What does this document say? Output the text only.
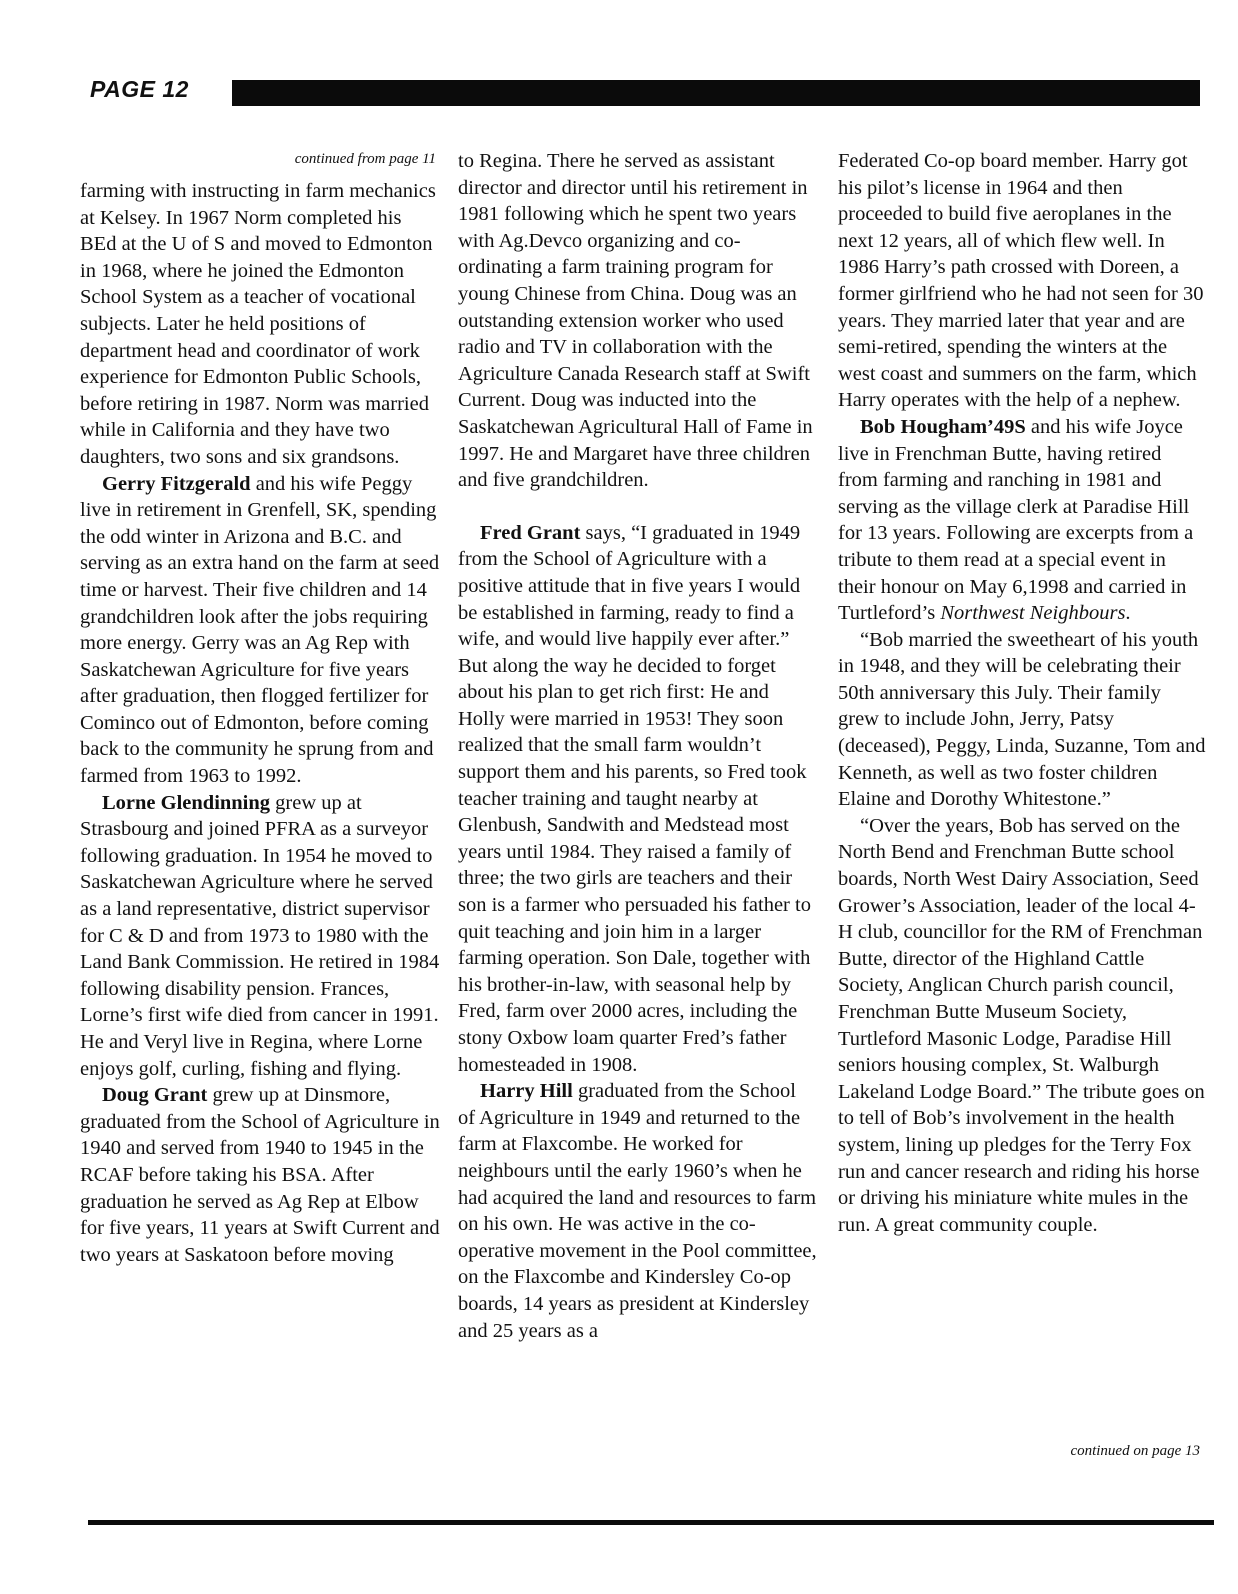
PAGE 12
continued from page 11

farming with instructing in farm mechanics at Kelsey. In 1967 Norm completed his BEd at the U of S and moved to Edmonton in 1968, where he joined the Edmonton School System as a teacher of vocational subjects. Later he held positions of department head and coordinator of work experience for Edmonton Public Schools, before retiring in 1987. Norm was married while in California and they have two daughters, two sons and six grandsons.

Gerry Fitzgerald and his wife Peggy live in retirement in Grenfell, SK, spending the odd winter in Arizona and B.C. and serving as an extra hand on the farm at seed time or harvest. Their five children and 14 grandchildren look after the jobs requiring more energy. Gerry was an Ag Rep with Saskatchewan Agriculture for five years after graduation, then flogged fertilizer for Cominco out of Edmonton, before coming back to the community he sprung from and farmed from 1963 to 1992.

Lorne Glendinning grew up at Strasbourg and joined PFRA as a surveyor following graduation. In 1954 he moved to Saskatchewan Agriculture where he served as a land representative, district supervisor for C & D and from 1973 to 1980 with the Land Bank Commission. He retired in 1984 following disability pension. Frances, Lorne’s first wife died from cancer in 1991. He and Veryl live in Regina, where Lorne enjoys golf, curling, fishing and flying.

Doug Grant grew up at Dinsmore, graduated from the School of Agriculture in 1940 and served from 1940 to 1945 in the RCAF before taking his BSA. After graduation he served as Ag Rep at Elbow for five years, 11 years at Swift Current and two years at Saskatoon before moving

to Regina. There he served as assistant director and director until his retirement in 1981 following which he spent two years with Ag.Devco organizing and co-ordinating a farm training program for young Chinese from China. Doug was an outstanding extension worker who used radio and TV in collaboration with the Agriculture Canada Research staff at Swift Current. Doug was inducted into the Saskatchewan Agricultural Hall of Fame in 1997. He and Margaret have three children and five grandchildren.

Fred Grant says, “I graduated in 1949 from the School of Agriculture with a positive attitude that in five years I would be established in farming, ready to find a wife, and would live happily ever after.” But along the way he decided to forget about his plan to get rich first: He and Holly were married in 1953! They soon realized that the small farm wouldn’t support them and his parents, so Fred took teacher training and taught nearby at Glenbush, Sandwith and Medstead most years until 1984. They raised a family of three; the two girls are teachers and their son is a farmer who persuaded his father to quit teaching and join him in a larger farming operation. Son Dale, together with his brother-in-law, with seasonal help by Fred, farm over 2000 acres, including the stony Oxbow loam quarter Fred’s father homesteaded in 1908.

Harry Hill graduated from the School of Agriculture in 1949 and returned to the farm at Flaxcombe. He worked for neighbours until the early 1960’s when he had acquired the land and resources to farm on his own. He was active in the co-operative movement in the Pool committee, on the Flaxcombe and Kindersley Co-op boards, 14 years as president at Kindersley and 25 years as a

Federated Co-op board member. Harry got his pilot’s license in 1964 and then proceeded to build five aeroplanes in the next 12 years, all of which flew well. In 1986 Harry’s path crossed with Doreen, a former girlfriend who he had not seen for 30 years. They married later that year and are semi-retired, spending the winters at the west coast and summers on the farm, which Harry operates with the help of a nephew.

Bob Hougham’49S and his wife Joyce live in Frenchman Butte, having retired from farming and ranching in 1981 and serving as the village clerk at Paradise Hill for 13 years. Following are excerpts from a tribute to them read at a special event in their honour on May 6,1998 and carried in Turtleford’s Northwest Neighbours.

“Bob married the sweetheart of his youth in 1948, and they will be celebrating their 50th anniversary this July. Their family grew to include John, Jerry, Patsy (deceased), Peggy, Linda, Suzanne, Tom and Kenneth, as well as two foster children Elaine and Dorothy Whitestone.”

“Over the years, Bob has served on the North Bend and Frenchman Butte school boards, North West Dairy Association, Seed Grower’s Association, leader of the local 4-H club, councillor for the RM of Frenchman Butte, director of the Highland Cattle Society, Anglican Church parish council, Frenchman Butte Museum Society, Turtleford Masonic Lodge, Paradise Hill seniors housing complex, St. Walburgh Lakeland Lodge Board.” The tribute goes on to tell of Bob’s involvement in the health system, lining up pledges for the Terry Fox run and cancer research and riding his horse or driving his miniature white mules in the run. A great community couple.

continued on page 13
